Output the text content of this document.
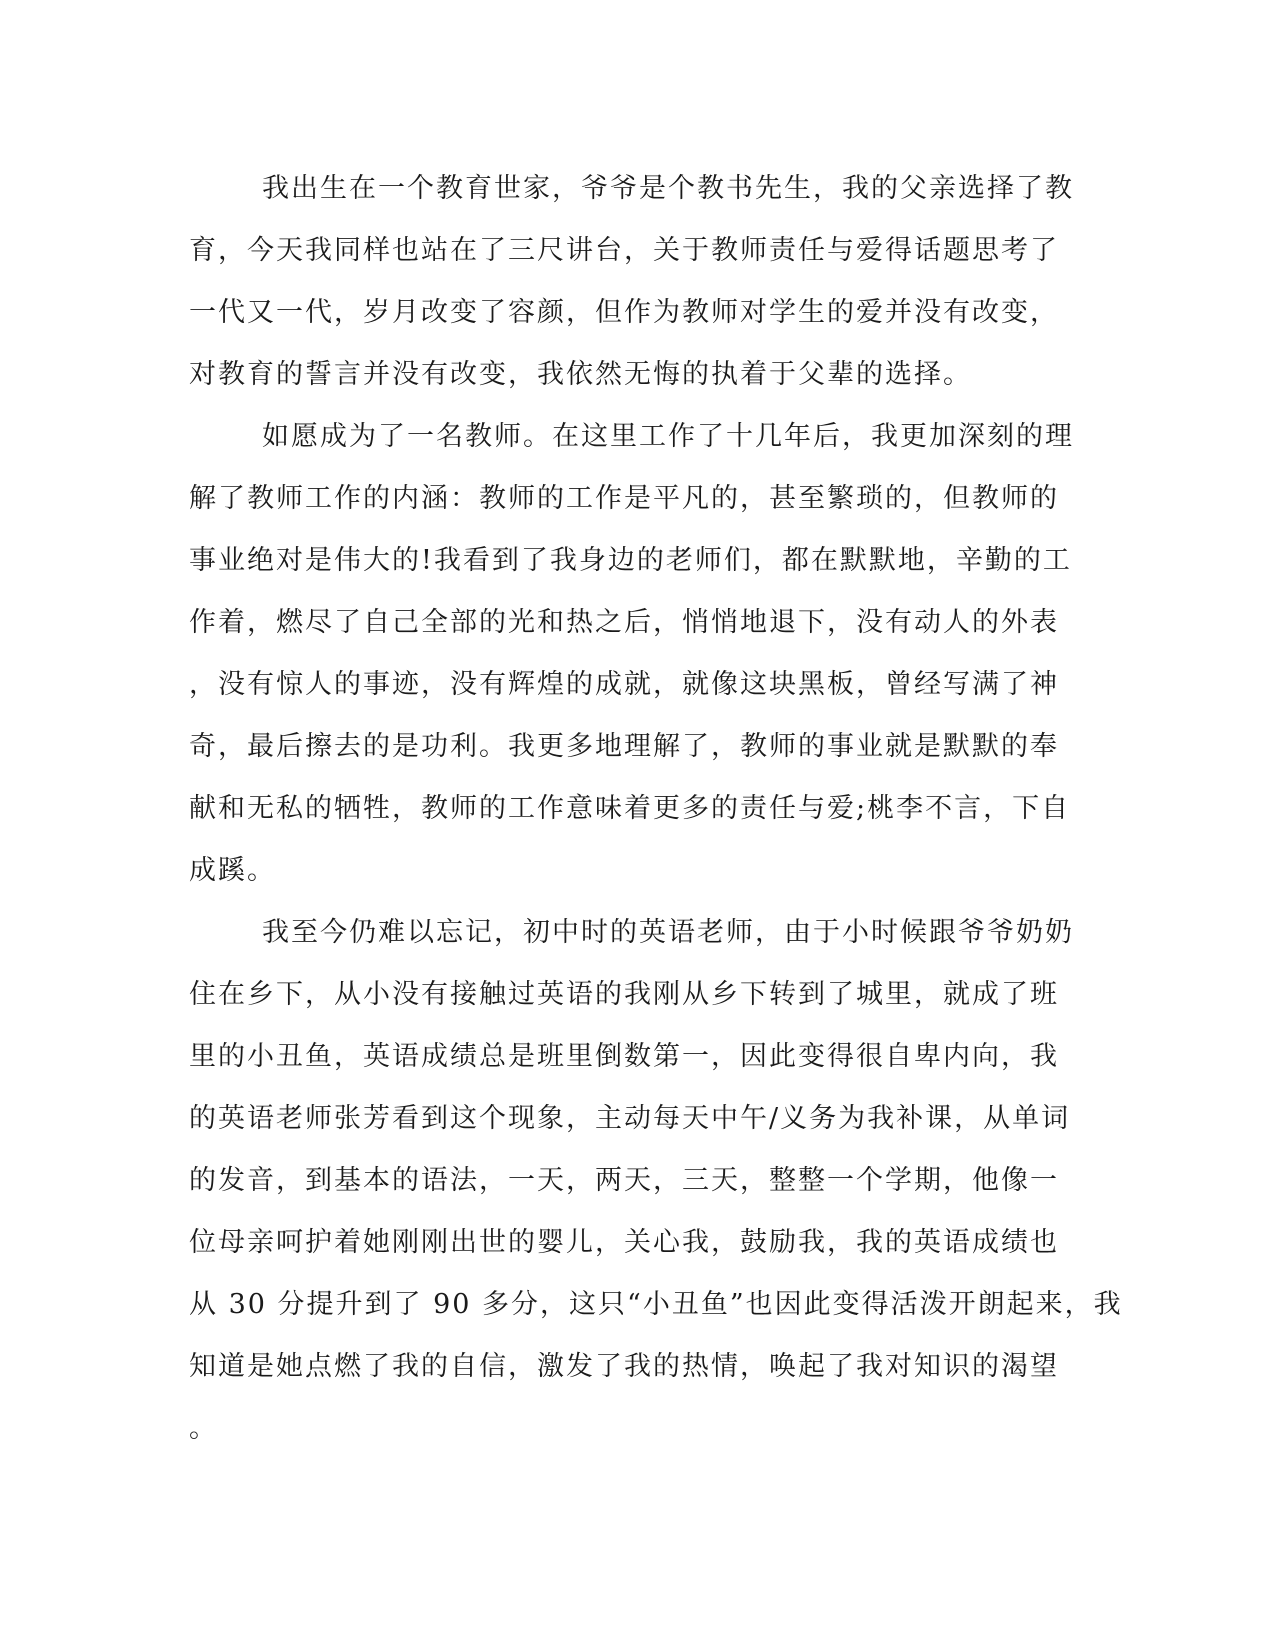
我出生在一个教育世家，爷爷是个教书先生，我的父亲选择了教
育，今天我同样也站在了三尺讲台，关于教师责任与爱得话题思考了
一代又一代，岁月改变了容颜，但作为教师对学生的爱并没有改变，
对教育的誓言并没有改变，我依然无悔的执着于父辈的选择。
如愿成为了一名教师。在这里工作了十几年后，我更加深刻的理
解了教师工作的内涵：教师的工作是平凡的，甚至繁琐的，但教师的
事业绝对是伟大的!我看到了我身边的老师们，都在默默地，辛勤的工
作着，燃尽了自己全部的光和热之后，悄悄地退下，没有动人的外表
，没有惊人的事迹，没有辉煌的成就，就像这块黑板，曾经写满了神
奇，最后擦去的是功利。我更多地理解了，教师的事业就是默默的奉
献和无私的牺牲，教师的工作意味着更多的责任与爱;桃李不言，下自
成蹊。
我至今仍难以忘记，初中时的英语老师，由于小时候跟爷爷奶奶
住在乡下，从小没有接触过英语的我刚从乡下转到了城里，就成了班
里的小丑鱼，英语成绩总是班里倒数第一，因此变得很自卑内向，我
的英语老师张芳看到这个现象，主动每天中午/义务为我补课，从单词
的发音，到基本的语法，一天，两天，三天，整整一个学期，他像一
位母亲呵护着她刚刚出世的婴儿，关心我，鼓励我，我的英语成绩也
从 30 分提升到了 90 多分，这只“小丑鱼”也因此变得活泼开朗起来，我
知道是她点燃了我的自信，激发了我的热情，唤起了我对知识的渴望
。
